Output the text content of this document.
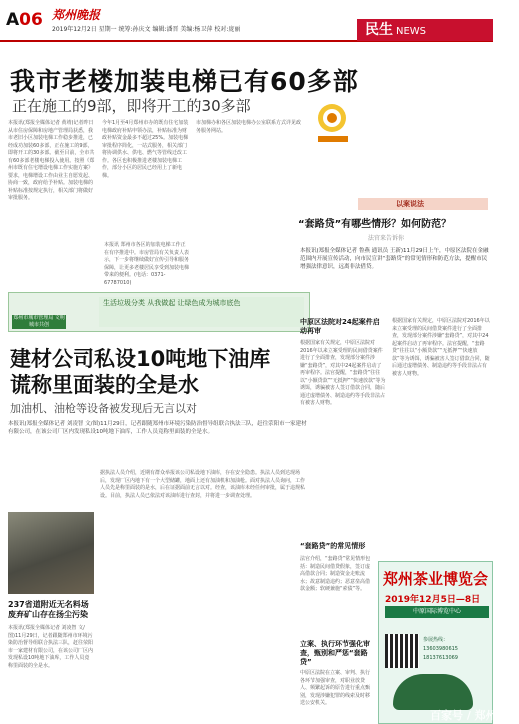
A06 郑州晚报
2019年12月2日 星期一 统筹:孙庆文 编辑:潘晋 美编:杨卫萍 校对:庞丽	民生 NEWS
我市老楼加装电梯已有60多部
正在施工的9部，即将开工的30多部
本报讯(郑报全媒体记者 黄靖)记者昨日从市住房保障和房地产管理局获悉，我市老旧小区加装电梯工作稳步推进，已经成功加装60多部，正在施工的9部，即将开工的30多部。截至目前，全市共有60多部老楼电梯投入使用。按照《郑州市既有住宅增设电梯工作实施方案》要求，电梯增设工作由业主自愿发起、协商一致，政府给予补贴。加装电梯的补贴标准按规定执行，相关部门将做好审批服务。
今年1月至4月郑州市办的既有住宅加装电梯政府补贴申领办法，补贴标准为财政补贴资金最多不超过25%。加装电梯审批程序简化，一站式服务，相关部门将协调供水、供电、燃气等管线迁改工作。各区也积极推进老楼加装电梯工作，部分小区的居民已经用上了新电梯。
本报讯 郑州市各区的加装电梯工作正在有序推进中。市房管局有关负责人表示，下一步将继续做好宣传引导和服务保障，让更多老楼居民享受到加装电梯带来的便利。(电话：0371-67787010)
市加梯办和各区加装电梯办公室联系方式详见政务服务网站。
郑州市城市管理局 文明城市共创
生活垃圾分类 从我做起 让绿色成为城市底色
建材公司私设10吨地下油库
谎称里面装的全是水
加油机、油枪等设备被发现后无言以对
本报讯(郑报全媒体记者 刘凌智 文/图)11月29日，记者跟随郑州市环境污染防治督导组联合执法三队，赶往荥阳市一家建材有限公司，在该公司厂区内发现私设10吨地下油库，工作人员竟称里面装的全是水。
据执法人员介绍，近期有群众举报该公司私设地下油库，存在安全隐患。执法人员到达现场后，发现厂区内地下有一个大型储罐，地面上还有加油机和加油枪。面对执法人员询问，工作人员先是称里面装的是水，后在证据面前无言以对。经查，该油库未经任何审批，属于违规私设。目前，执法人员已依法对该油库进行查封，并将进一步调查处理。
237省道附近无名料场 废弃矿山存在扬尘污染
本报讯(郑报全媒体记者 刘凌智 文/图)11月29日，记者跟随郑州市环境污染防治督导组联合执法三队，赶往荥阳市一家建材有限公司，在该公司厂区内发现私设10吨地下油库，工作人员竟称里面装的全是水。
以案说法
“套路贷”有哪些情形？如何防范？
法官来告诉你
本报讯(郑报全媒体记者 鲁燕 通讯员 王新)11月29日上午，中原区法院在金融范围内开展宣传活动，向市民宣讲“套路贷”的常见情形和防范方法，提醒市民增强法律意识，远离非法借贷。
中原区法院对24起案件启动再审
根据国家有关规定，中原区法院对2016年以来立案受理的民间借贷案件进行了全面排查，发现部分案件涉嫌“套路贷”，对其中24起案件启动了再审程序。法官提醒，“套路贷”往往以“小额贷款”“无抵押”“快速放款”等为诱饵，诱骗被害人签订借款合同，随后通过虚增债务、制造违约等手段非法占有被害人财物。
“套路贷”的常见情形
法官介绍，“套路贷”常见情形包括：制造民间借贷假象，签订虚高借款合同；制造资金走账流水；故意制造违约；恶意垒高借款金额；软硬兼施“索债”等。
立案、执行环节强化审查，甄别和严惩“套路贷”
中原区法院在立案、审判、执行各环节加强审查，对职业放贷人、频繁起诉的原告进行重点甄别，发现涉嫌犯罪的线索及时移送公安机关。
根据国家有关规定，中原区法院对2016年以来立案受理的民间借贷案件进行了全面排查，发现部分案件涉嫌“套路贷”，对其中24起案件启动了再审程序。法官提醒，“套路贷”往往以“小额贷款”“无抵押”“快速放款”等为诱饵，诱骗被害人签订借款合同，随后通过虚增债务、制造违约等手段非法占有被害人财物。
郑州茶业博览会
2019年12月5日—8日
中原国际博览中心
参展热线：
13603980615
18137613069
百家号 / 郑州晚报
